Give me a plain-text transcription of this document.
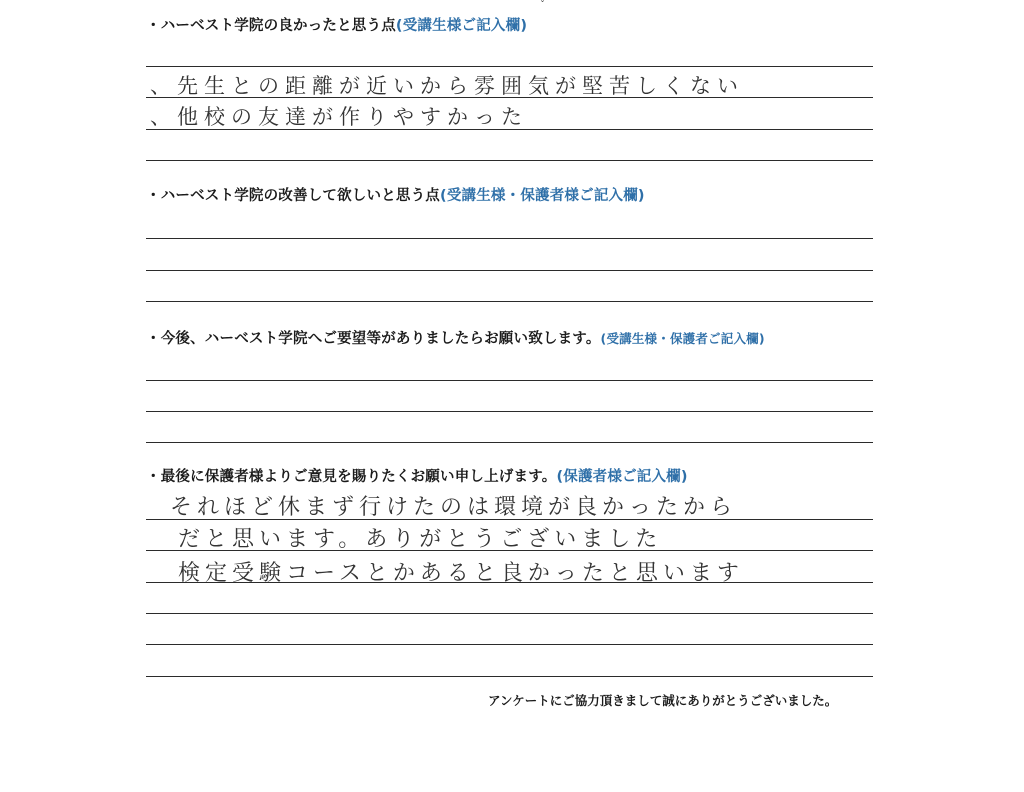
ˇ
・ハーベスト学院の良かったと思う点(受講生様ご記入欄)
、先生との距離が近いから雰囲気が堅苦しくない
、他校の友達が作りやすかった
・ハーベスト学院の改善して欲しいと思う点(受講生様・保護者様ご記入欄)
・今後、ハーベスト学院へご要望等がありましたらお願い致します。(受講生様・保護者ご記入欄)
・最後に保護者様よりご意見を賜りたくお願い申し上げます。(保護者様ご記入欄)
それほど休まず行けたのは環境が良かったから
だと思います。ありがとうございました
検定受験コースとかあると良かったと思います
アンケートにご協力頂きまして誠にありがとうございました。
